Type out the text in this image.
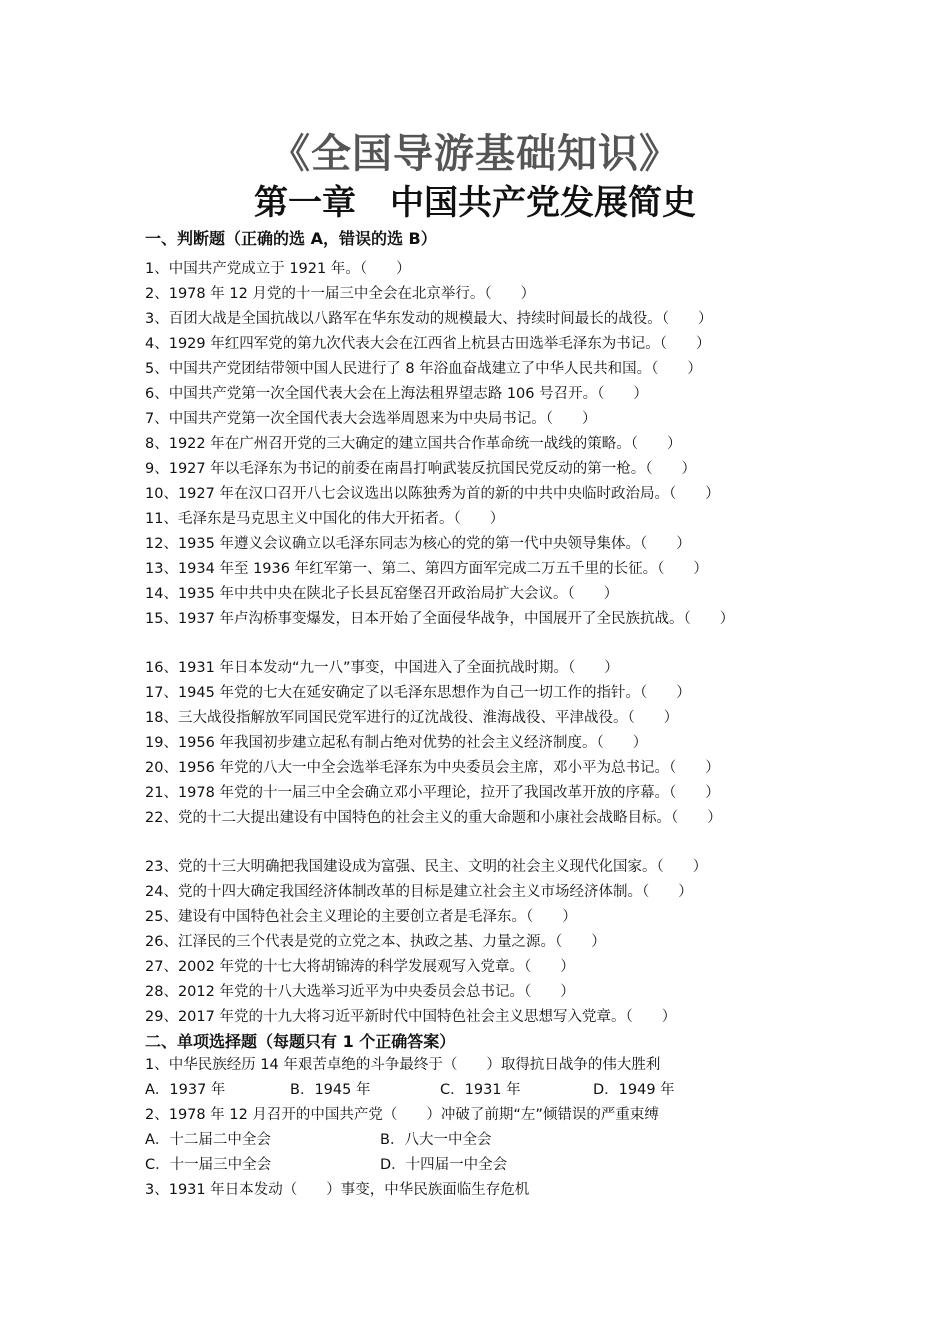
《全国导游基础知识》
第一章　中国共产党发展简史
一、判断题（正确的选 A，错误的选 B）
1、中国共产党成立于 1921 年。（　　）
2、1978 年 12 月党的十一届三中全会在北京举行。（　　）
3、百团大战是全国抗战以八路军在华东发动的规模最大、持续时间最长的战役。（　　）
4、1929 年红四军党的第九次代表大会在江西省上杭县古田选举毛泽东为书记。（　　）
5、中国共产党团结带领中国人民进行了 8 年浴血奋战建立了中华人民共和国。（　　）
6、中国共产党第一次全国代表大会在上海法租界望志路 106 号召开。（　　）
7、中国共产党第一次全国代表大会选举周恩来为中央局书记。（　　）
8、1922 年在广州召开党的三大确定的建立国共合作革命统一战线的策略。（　　）
9、1927 年以毛泽东为书记的前委在南昌打响武装反抗国民党反动的第一枪。（　　）
10、1927 年在汉口召开八七会议选出以陈独秀为首的新的中共中央临时政治局。（　　）
11、毛泽东是马克思主义中国化的伟大开拓者。（　　）
12、1935 年遵义会议确立以毛泽东同志为核心的党的第一代中央领导集体。（　　）
13、1934 年至 1936 年红军第一、第二、第四方面军完成二万五千里的长征。（　　）
14、1935 年中共中央在陕北子长县瓦窑堡召开政治局扩大会议。（　　）
15、1937 年卢沟桥事变爆发，日本开始了全面侵华战争，中国展开了全民族抗战。（　　）
16、1931 年日本发动“九一八”事变，中国进入了全面抗战时期。（　　）
17、1945 年党的七大在延安确定了以毛泽东思想作为自己一切工作的指针。（　　）
18、三大战役指解放军同国民党军进行的辽沈战役、淮海战役、平津战役。（　　）
19、1956 年我国初步建立起私有制占绝对优势的社会主义经济制度。（　　）
20、1956 年党的八大一中全会选举毛泽东为中央委员会主席，邓小平为总书记。（　　）
21、1978 年党的十一届三中全会确立邓小平理论，拉开了我国改革开放的序幕。（　　）
22、党的十二大提出建设有中国特色的社会主义的重大命题和小康社会战略目标。（　　）
23、党的十三大明确把我国建设成为富强、民主、文明的社会主义现代化国家。（　　）
24、党的十四大确定我国经济体制改革的目标是建立社会主义市场经济体制。（　　）
25、建设有中国特色社会主义理论的主要创立者是毛泽东。（　　）
26、江泽民的三个代表是党的立党之本、执政之基、力量之源。（　　）
27、2002 年党的十七大将胡锦涛的科学发展观写入党章。（　　）
28、2012 年党的十八大选举习近平为中央委员会总书记。（　　）
29、2017 年党的十九大将习近平新时代中国特色社会主义思想写入党章。（　　）
二、单项选择题（每题只有 1 个正确答案）
1、中华民族经历 14 年艰苦卓绝的斗争最终于（　　）取得抗日战争的伟大胜利
A．1937 年	B．1945 年	C．1931 年	D．1949 年
2、1978 年 12 月召开的中国共产党（　　）冲破了前期“左”倾错误的严重束缚
A．十二届二中全会	B．八大一中全会
C．十一届三中全会	D．十四届一中全会
3、1931 年日本发动（　　）事变，中华民族面临生存危机
